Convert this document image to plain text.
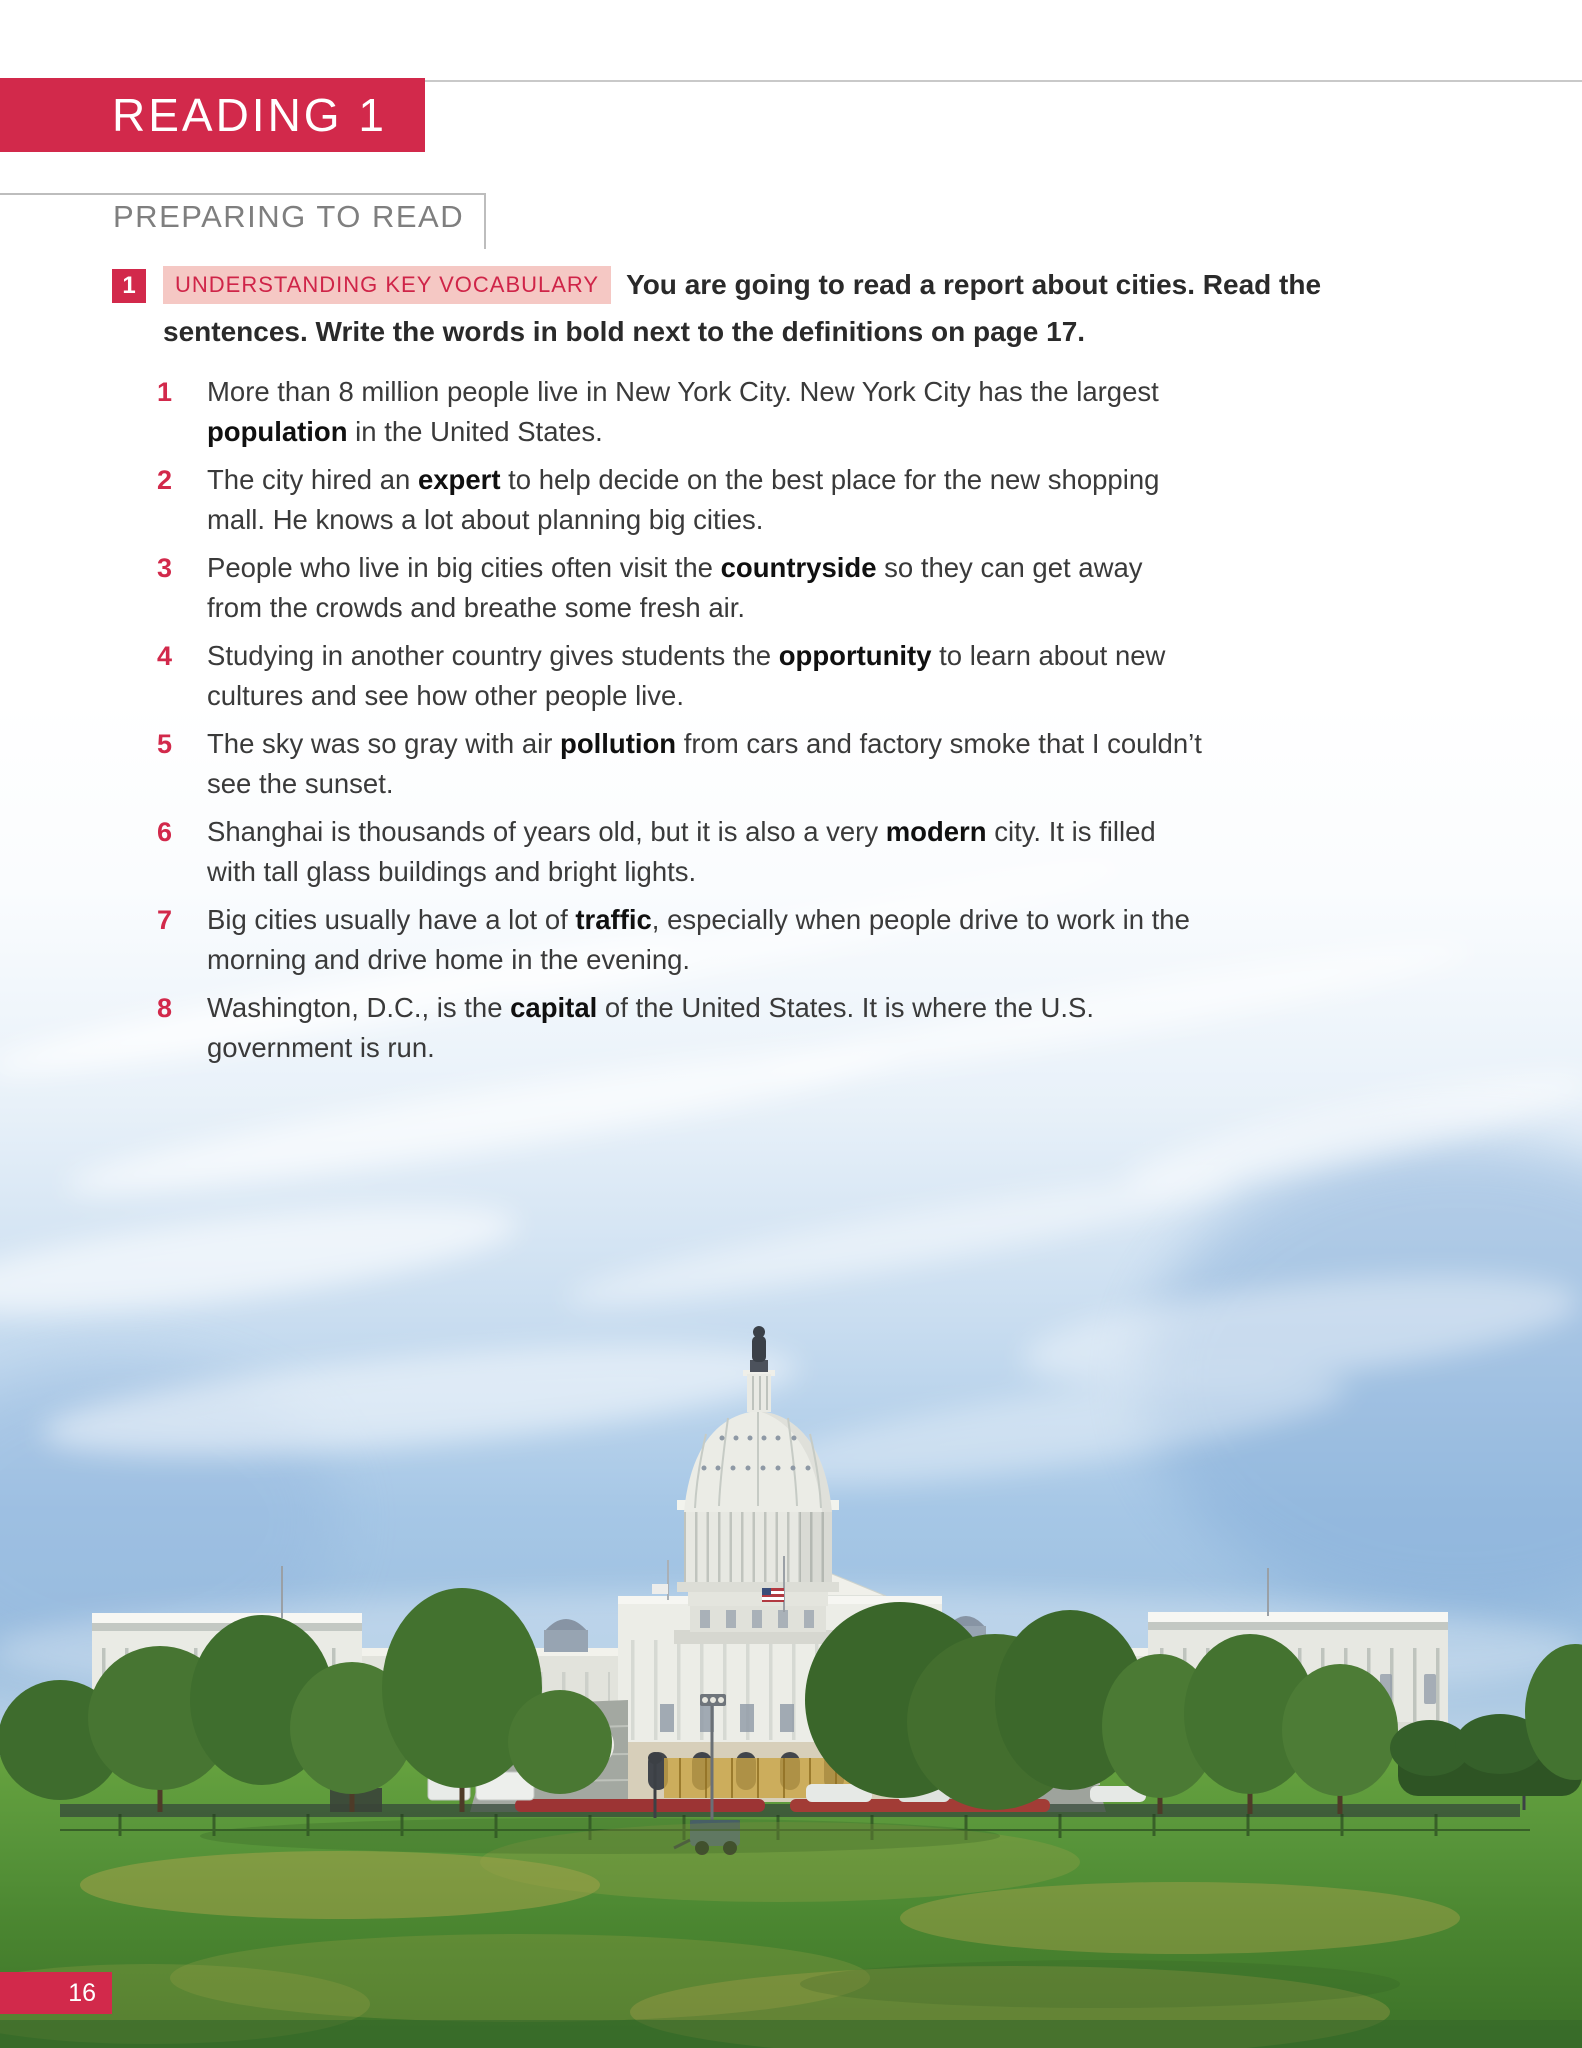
READING 1
PREPARING TO READ
1	UNDERSTANDING KEY VOCABULARY You are going to read a report about cities. Read the
sentences. Write the words in bold next to the definitions on page 17.
1	More than 8 million people live in New York City. New York City has the largest
population in the United States.
2	The city hired an expert to help decide on the best place for the new shopping
mall. He knows a lot about planning big cities.
3	People who live in big cities often visit the countryside so they can get away
from the crowds and breathe some fresh air.
4	Studying in another country gives students the opportunity to learn about new
cultures and see how other people live.
5	The sky was so gray with air pollution from cars and factory smoke that I couldn’t
see the sunset.
6	Shanghai is thousands of years old, but it is also a very modern city. It is filled
with tall glass buildings and bright lights.
7	Big cities usually have a lot of traffic, especially when people drive to work in the
morning and drive home in the evening.
8	Washington, D.C., is the capital of the United States. It is where the U.S.
government is run.
16
